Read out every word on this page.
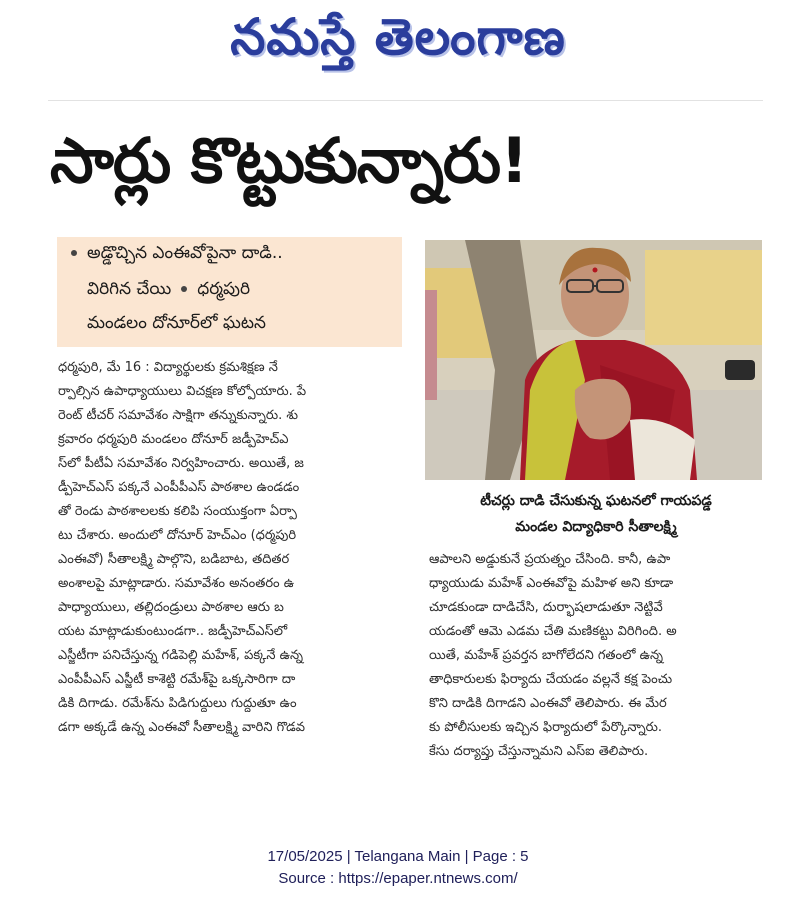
నమస్తే తెలంగాణ
సార్లు కొట్టుకున్నారు!
అడ్డొచ్చిన ఎంఈవోపైనా దాడి..
విరిగిన చేయి ధర్మపురి
మండలం దోనూర్‌లో ఘటన
ధర్మపురి, మే 16 : విద్యార్థులకు క్రమశిక్షణ నే
ర్పాల్సిన ఉపాధ్యాయులు విచక్షణ కోల్పోయారు. పే
రెంట్ టీచర్ సమావేశం సాక్షిగా తన్నుకున్నారు. శు
క్రవారం ధర్మపురి మండలం దోనూర్ జడ్పీహెచ్ఎ
స్‌లో పీటీఏ సమావేశం నిర్వహించారు. అయితే, జ
డ్పీహెచ్ఎస్ పక్కనే ఎంపీపీఎస్ పాఠశాల ఉండడం
తో రెండు పాఠశాలలకు కలిపి సంయుక్తంగా ఏర్పా
టు చేశారు. అందులో దోనూర్ హెచ్ఎం (ధర్మపురి
ఎంఈవో) సీతాలక్ష్మి పాల్గొని, బడిబాట, తదితర
అంశాలపై మాట్లాడారు. సమావేశం అనంతరం ఉ
పాధ్యాయులు, తల్లిదండ్రులు పాఠశాల ఆరు బ
యట మాట్లాడుకుంటుండగా.. జడ్పీహెచ్ఎస్‌లో
ఎస్జీటీగా పనిచేస్తున్న గడిపెల్లి మహేశ్, పక్కనే ఉన్న
ఎంపీపీఎస్ ఎస్జీటీ కాశెట్టి రమేశ్‌పై ఒక్కసారిగా దా
డికి దిగాడు. రమేశ్‌ను పిడిగుద్దులు గుద్దుతూ ఉం
డగా అక్కడే ఉన్న ఎంఈవో సీతాలక్ష్మి వారిని గొడవ
టీచర్లు దాడి చేసుకున్న ఘటనలో గాయపడ్డ
మండల విద్యాధికారి సీతాలక్ష్మి
ఆపాలని అడ్డుకునే ప్రయత్నం చేసింది. కానీ, ఉపా
ధ్యాయుడు మహేశ్ ఎంఈవోపై మహిళ అని కూడా
చూడకుండా దాడిచేసి, దుర్భాషలాడుతూ నెట్టివే
యడంతో ఆమె ఎడమ చేతి మణికట్టు విరిగింది. అ
యితే, మహేశ్ ప్రవర్తన బాగోలేదని గతంలో ఉన్న
తాధికారులకు ఫిర్యాదు చేయడం వల్లనే కక్ష పెంచు
కొని దాడికి దిగాడని ఎంఈవో తెలిపారు. ఈ మేర
కు పోలీసులకు ఇచ్చిన ఫిర్యాదులో పేర్కొన్నారు.
కేసు దర్యాప్తు చేస్తున్నామని ఎస్ఐ తెలిపారు.
17/05/2025 | Telangana Main | Page : 5
Source : https://epaper.ntnews.com/
